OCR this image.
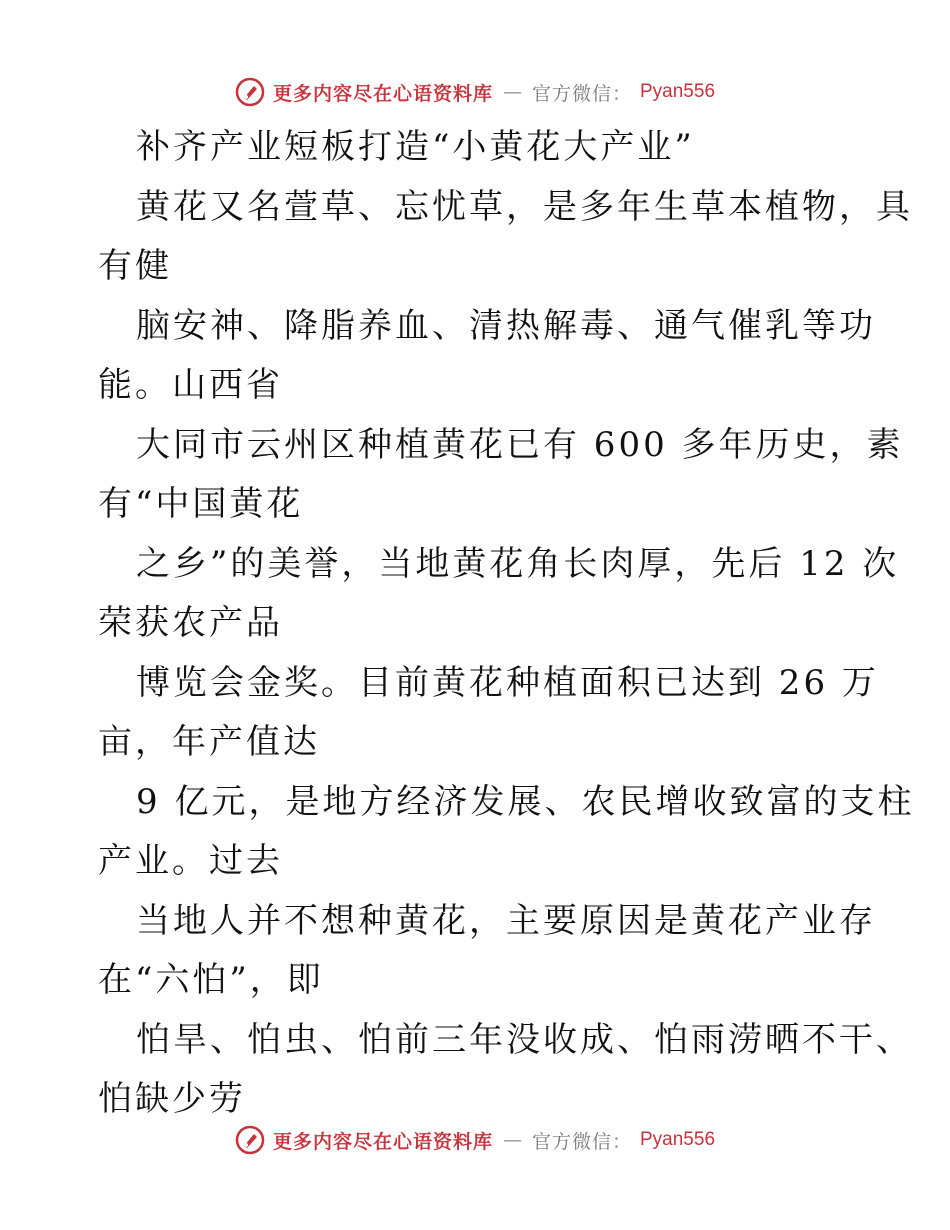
更多内容尽在心语资料库 — 官方微信： Pyan556
补齐产业短板打造“小黄花大产业”
黄花又名萱草、忘忧草，是多年生草本植物，具
有健
脑安神、降脂养血、清热解毒、通气催乳等功
能。山西省
大同市云州区种植黄花已有 600 多年历史，素
有“中国黄花
之乡”的美誉，当地黄花角长肉厚，先后 12 次
荣获农产品
博览会金奖。目前黄花种植面积已达到 26 万
亩，年产值达
9 亿元，是地方经济发展、农民增收致富的支柱
产业。过去
当地人并不想种黄花，主要原因是黄花产业存
在“六怕”，即
怕旱、怕虫、怕前三年没收成、怕雨涝晒不干、
怕缺少劳
更多内容尽在心语资料库 — 官方微信： Pyan556
